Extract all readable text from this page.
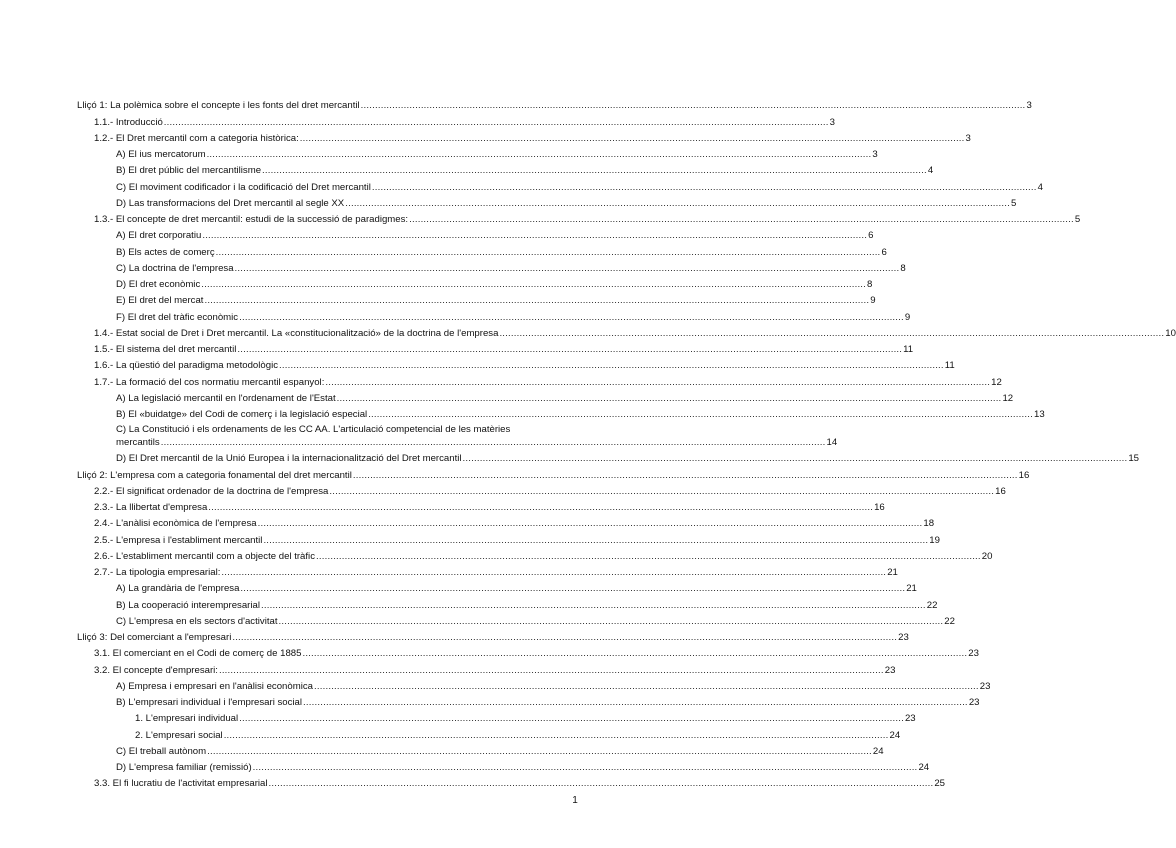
Lliçó 1: La polèmica sobre el concepte i les fonts del dret mercantil .....	3
1.1.- Introducció .....	3
1.2.- El Dret mercantil com a categoria històrica: .....	3
A) El ius mercatorum .....	3
B) El dret públic del mercantilisme .....	4
C) El moviment codificador i la codificació del Dret mercantil .....	4
D) Las transformacions del Dret mercantil al segle XX .....	5
1.3.- El concepte de dret mercantil: estudi de la successió de paradigmes: .....	5
A) El dret corporatiu .....	6
B) Els actes de comerç .....	6
C) La doctrina de l'empresa .....	8
D) El dret econòmic .....	8
E) El dret del mercat .....	9
F) El dret del tràfic econòmic .....	9
1.4.- Estat social de Dret i Dret mercantil. La «constitucionalització» de la doctrina de l'empresa .....	10
1.5.- El sistema del dret mercantil .....	11
1.6.- La qüestió del paradigma metodològic .....	11
1.7.- La formació del cos normatiu mercantil espanyol: .....	12
A) La legislació mercantil en l'ordenament de l'Estat .....	12
B) El «buidatge» del Codi de comerç i la legislació especial .....	13
C) La Constitució i els ordenaments de les CC AA. L'articulació competencial de les matèries
mercantils .....	14
D) El Dret mercantil de la Unió Europea i la internacionalització del Dret mercantil .....	15
Lliçó 2: L'empresa com a categoria fonamental del dret mercantil .....	16
2.2.- El significat ordenador de la doctrina de l'empresa .....	16
2.3.- La llibertat d'empresa .....	16
2.4.- L'anàlisi econòmica de l'empresa .....	18
2.5.- L'empresa i l'establiment mercantil .....	19
2.6.- L'establiment mercantil com a objecte del tràfic .....	20
2.7.- La tipologia empresarial: .....	21
A) La grandària de l'empresa .....	21
B) La cooperació interempresarial .....	22
C) L'empresa en els sectors d'activitat .....	22
Lliçó 3: Del comerciant a l'empresari .....	23
3.1. El comerciant en el Codi de comerç de 1885 .....	23
3.2. El concepte d'empresari: .....	23
A) Empresa i empresari en l'anàlisi econòmica .....	23
B) L'empresari individual i l'empresari social .....	23
1. L'empresari individual .....	23
2. L'empresari social .....	24
C) El treball autònom .....	24
D) L'empresa familiar (remissió) .....	24
3.3. El fi lucratiu de l'activitat empresarial .....	25
1
